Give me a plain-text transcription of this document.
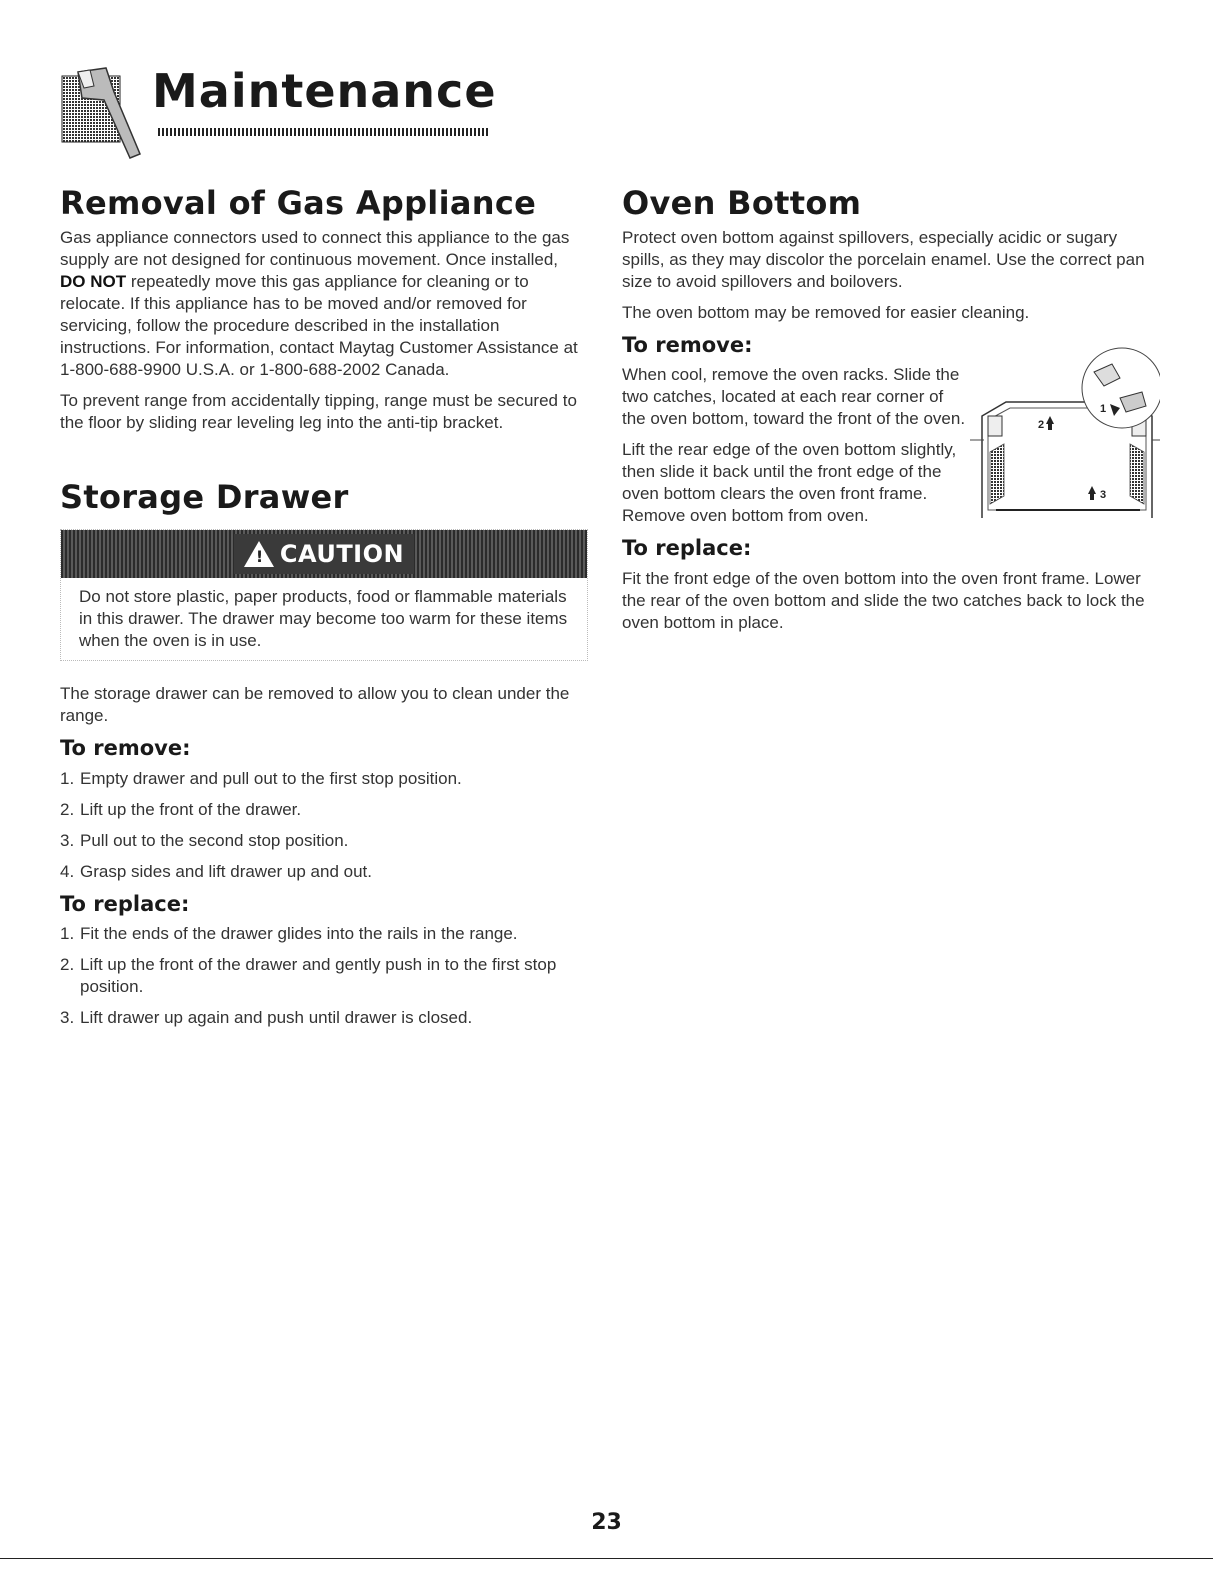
Maintenance
Removal of Gas Appliance

Gas appliance connectors used to connect this appliance to the gas supply are not designed for continuous movement. Once installed, DO NOT repeatedly move this gas appliance for cleaning or to relocate. If this appliance has to be moved and/or removed for servicing, follow the procedure described in the installation instructions. For information, contact Maytag Customer Assistance at 1-800-688-9900 U.S.A. or 1-800-688-2002 Canada.

To prevent range from accidentally tipping, range must be secured to the floor by sliding rear leveling leg into the anti-tip bracket.

Storage Drawer
!
CAUTION
Do not store plastic, paper products, food or flammable materials in this drawer. The drawer may become too warm for these items when the oven is in use.

The storage drawer can be removed to allow you to clean under the range.

To remove:
1. Empty drawer and pull out to the first stop position.
2. Lift up the front of the drawer.
3. Pull out to the second stop position.
4. Grasp sides and lift drawer up and out.
To replace:
1. Fit the ends of the drawer glides into the rails in the range.
2. Lift up the front of the drawer and gently push in to the first stop position.
3. Lift drawer up again and push until drawer is closed.
Oven Bottom

Protect oven bottom against spillovers, especially acidic or sugary spills, as they may discolor the porcelain enamel. Use the correct pan size to avoid spillovers and boilovers.

The oven bottom may be removed for easier cleaning.

To remove:

When cool, remove the oven racks. Slide the two catches, located at each rear corner of the oven bottom, toward the front of the oven.

Lift the rear edge of the oven bottom slightly, then slide it back until the front edge of the oven bottom clears the oven front frame. Remove oven bottom from oven.

2
1
3
To replace:

Fit the front edge of the oven bottom into the oven front frame. Lower the rear of the oven bottom and slide the two catches back to lock the oven bottom in place.

23
